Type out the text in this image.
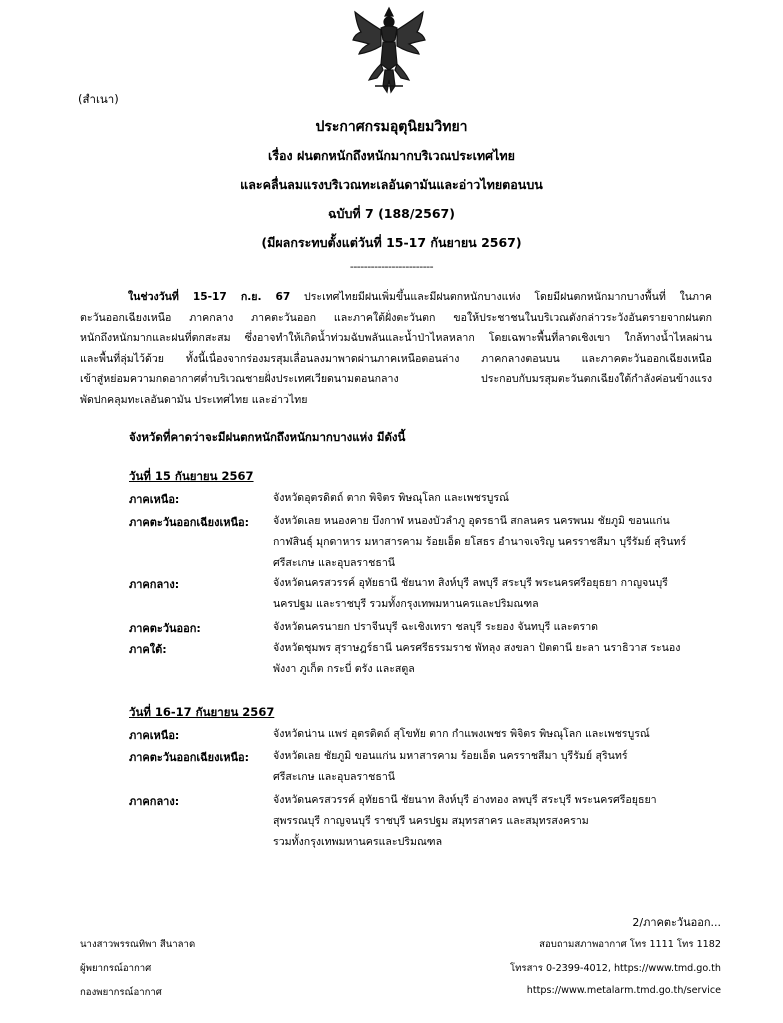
(สำเนา)
ประกาศกรมอุตุนิยมวิทยา
เรื่อง ฝนตกหนักถึงหนักมากบริเวณประเทศไทย
และคลื่นลมแรงบริเวณทะเลอันดามันและอ่าวไทยตอนบน
ฉบับที่ 7 (188/2567)
(มีผลกระทบตั้งแต่วันที่ 15-17 กันยายน 2567)
------------------------
ในช่วงวันที่ 15-17 ก.ย. 67 ประเทศไทยมีฝนเพิ่มขึ้นและมีฝนตกหนักบางแห่ง โดยมีฝนตกหนักมากบางพื้นที่ ในภาค
ตะวันออกเฉียงเหนือ ภาคกลาง ภาคตะวันออก และภาคใต้ฝั่งตะวันตก ขอให้ประชาชนในบริเวณดังกล่าวระวังอันตรายจากฝนตก
หนักถึงหนักมากและฝนที่ตกสะสม ซึ่งอาจทำให้เกิดน้ำท่วมฉับพลันและน้ำป่าไหลหลาก โดยเฉพาะพื้นที่ลาดเชิงเขา ใกล้ทางน้ำไหลผ่าน
และพื้นที่ลุ่มไว้ด้วย ทั้งนี้เนื่องจากร่องมรสุมเลื่อนลงมาพาดผ่านภาคเหนือตอนล่าง ภาคกลางตอนบน และภาคตะวันออกเฉียงเหนือ
เข้าสู่หย่อมความกดอากาศต่ำบริเวณชายฝั่งประเทศเวียดนามตอนกลาง ประกอบกับมรสุมตะวันตกเฉียงใต้กำลังค่อนข้างแรง
พัดปกคลุมทะเลอันดามัน ประเทศไทย และอ่าวไทย
จังหวัดที่คาดว่าจะมีฝนตกหนักถึงหนักมากบางแห่ง มีดังนี้
วันที่ 15 กันยายน 2567
ภาคเหนือ:	จังหวัดอุตรดิตถ์ ตาก พิจิตร พิษณุโลก และเพชรบูรณ์
ภาคตะวันออกเฉียงเหนือ: จังหวัดเลย หนองคาย บึงกาฬ หนองบัวลำภู อุดรธานี สกลนคร นครพนม ชัยภูมิ ขอนแก่น
กาฬสินธุ์ มุกดาหาร มหาสารคาม ร้อยเอ็ด ยโสธร อำนาจเจริญ นครราชสีมา บุรีรัมย์ สุรินทร์
ศรีสะเกษ และอุบลราชธานี
ภาคกลาง:	จังหวัดนครสวรรค์ อุทัยธานี ชัยนาท สิงห์บุรี ลพบุรี สระบุรี พระนครศรีอยุธยา กาญจนบุรี
นครปฐม และราชบุรี รวมทั้งกรุงเทพมหานครและปริมณฑล
ภาคตะวันออก:	จังหวัดนครนายก ปราจีนบุรี ฉะเชิงเทรา ชลบุรี ระยอง จันทบุรี และตราด
ภาคใต้:	จังหวัดชุมพร สุราษฎร์ธานี นครศรีธรรมราช พัทลุง สงขลา ปัตตานี ยะลา นราธิวาส ระนอง
พังงา ภูเก็ต กระบี่ ตรัง และสตูล
วันที่ 16-17 กันยายน 2567
ภาคเหนือ:	จังหวัดน่าน แพร่ อุตรดิตถ์ สุโขทัย ตาก กำแพงเพชร พิจิตร พิษณุโลก และเพชรบูรณ์
ภาคตะวันออกเฉียงเหนือ: จังหวัดเลย ชัยภูมิ ขอนแก่น มหาสารคาม ร้อยเอ็ด นครราชสีมา บุรีรัมย์ สุรินทร์
ศรีสะเกษ และอุบลราชธานี
ภาคกลาง:	จังหวัดนครสวรรค์ อุทัยธานี ชัยนาท สิงห์บุรี อ่างทอง ลพบุรี สระบุรี พระนครศรีอยุธยา
สุพรรณบุรี กาญจนบุรี ราชบุรี นครปฐม สมุทรสาคร และสมุทรสงคราม
รวมทั้งกรุงเทพมหานครและปริมณฑล
2/ภาคตะวันออก...
นางสาวพรรณทิพา สีนาลาด
ผู้พยากรณ์อากาศ
กองพยากรณ์อากาศ
สอบถามสภาพอากาศ โทร 1111 โทร 1182
โทรสาร 0-2399-4012, https://www.tmd.go.th
https://www.metalarm.tmd.go.th/service
